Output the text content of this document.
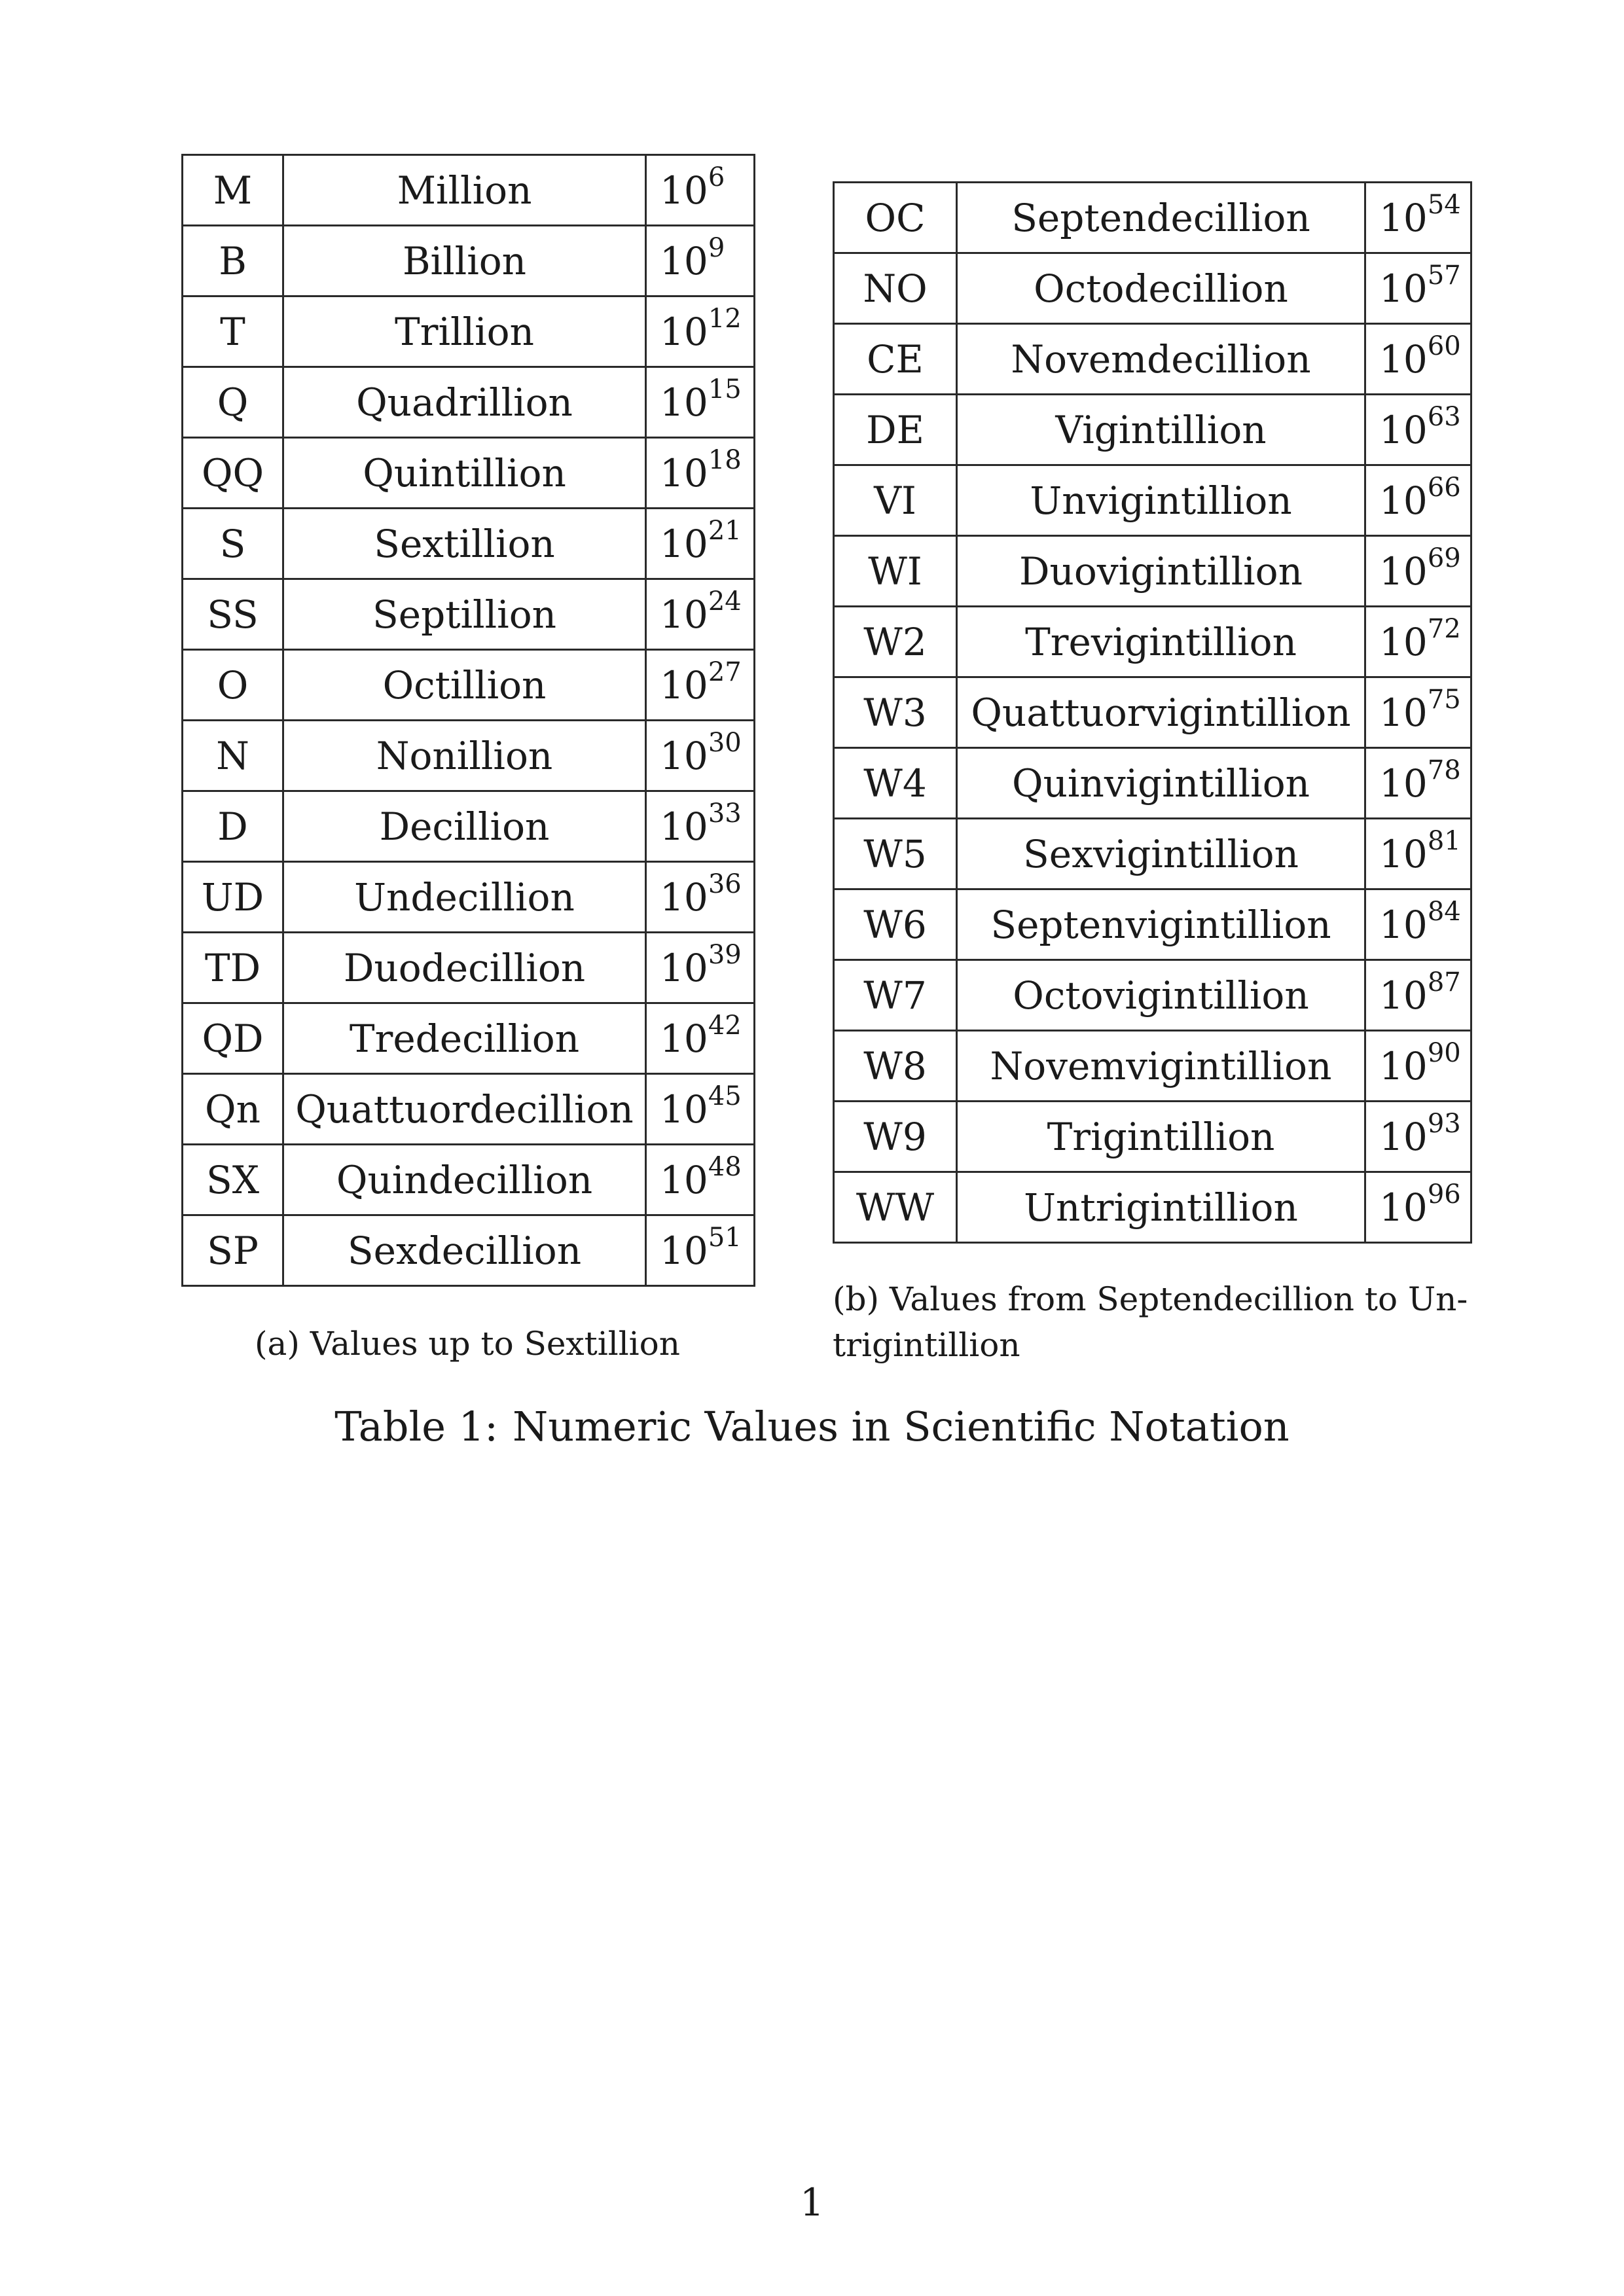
M	Million	$10^6$
B	Billion	$10^9$
T	Trillion	$10^{12}$
Q	Quadrillion	$10^{15}$
QQ	Quintillion	$10^{18}$
S	Sextillion	$10^{21}$
SS	Septillion	$10^{24}$
O	Octillion	$10^{27}$
N	Nonillion	$10^{30}$
D	Decillion	$10^{33}$
UD	Undecillion	$10^{36}$
TD	Duodecillion	$10^{39}$
QD	Tredecillion	$10^{42}$
Qn	Quattuordecillion	$10^{45}$
SX	Quindecillion	$10^{48}$
SP	Sexdecillion	$10^{51}$
(a) Values up to Sextillion
OC	Septendecillion	$10^{54}$
NO	Octodecillion	$10^{57}$
CE	Novemdecillion	$10^{60}$
DE	Vigintillion	$10^{63}$
VI	Unvigintillion	$10^{66}$
WI	Duovigintillion	$10^{69}$
W2	Trevigintillion	$10^{72}$
W3	Quattuorvigintillion	$10^{75}$
W4	Quinvigintillion	$10^{78}$
W5	Sexvigintillion	$10^{81}$
W6	Septenvigintillion	$10^{84}$
W7	Octovigintillion	$10^{87}$
W8	Novemvigintillion	$10^{90}$
W9	Trigintillion	$10^{93}$
WW	Untrigintillion	$10^{96}$
(b) Values from Septendecillion to Un-
trigintillion
Table 1: Numeric Values in Scientific Notation
1
